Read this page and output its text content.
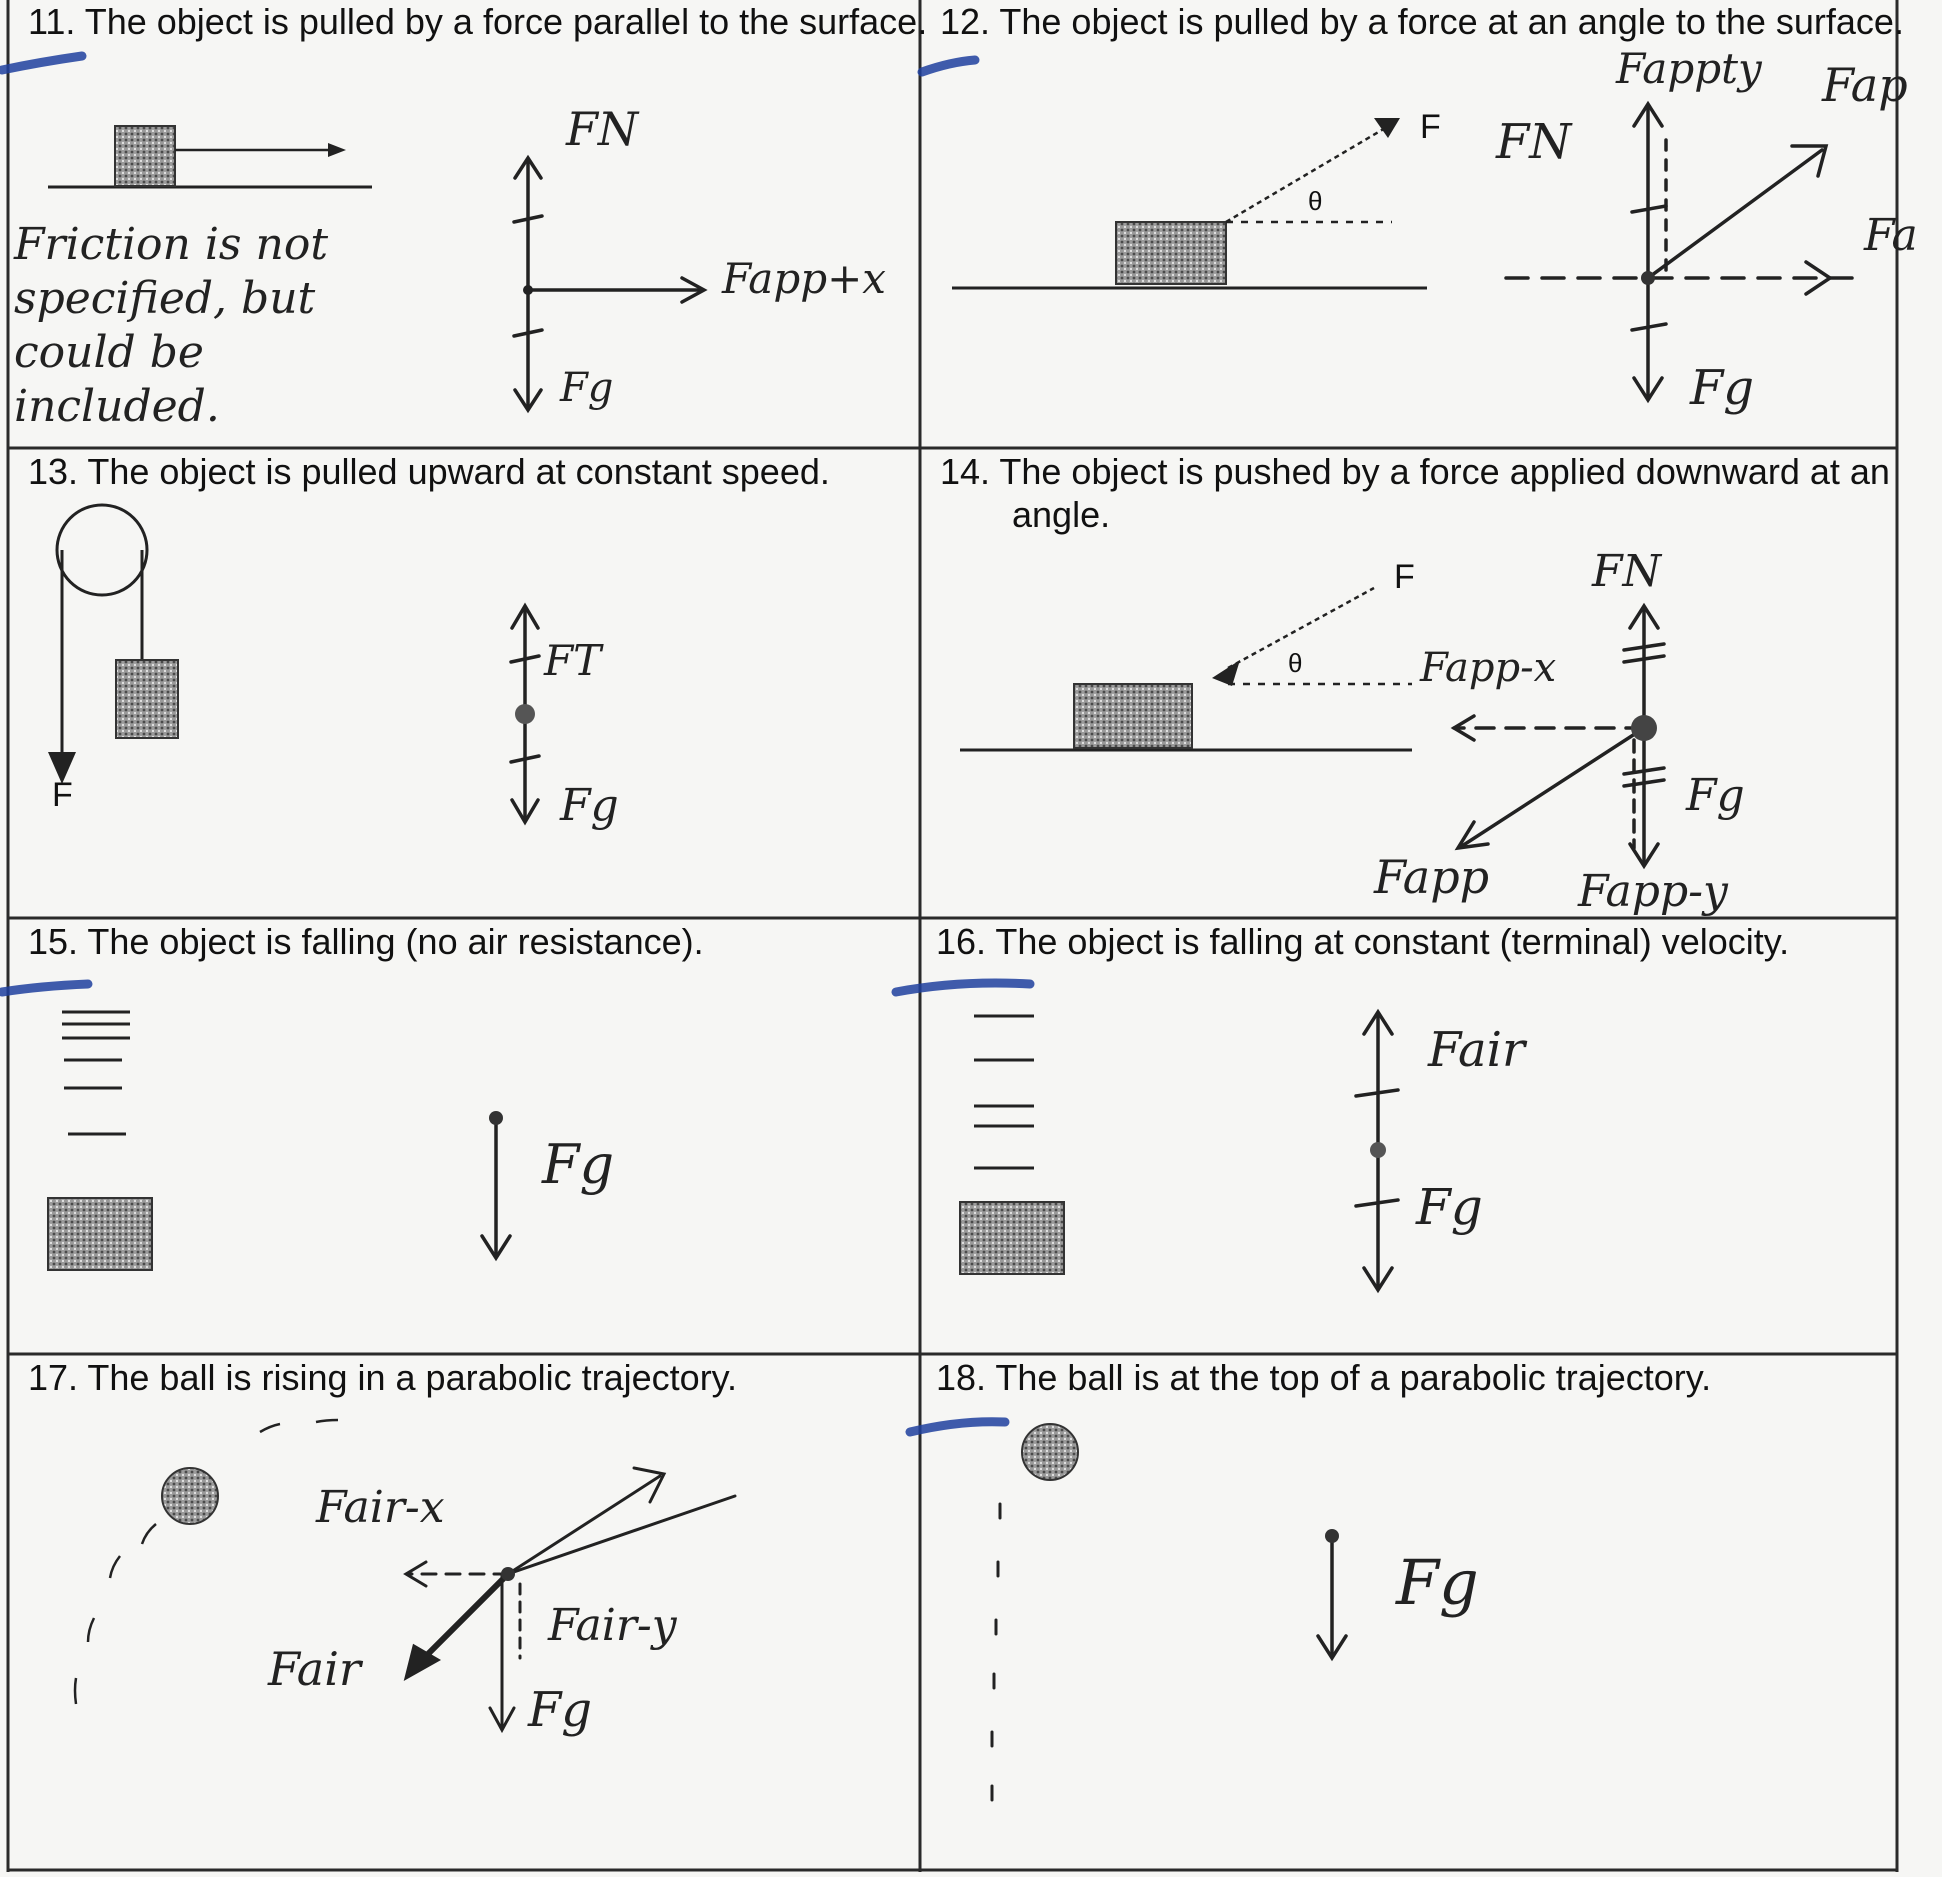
11. The object is pulled by a force parallel to the surface.

FN

Fapp+x

Fg

Friction is not specified, but could be included.

12. The object is pulled by a force at an angle to the surface.

F

θ

FN

Fappty Fap

Fa

Fg

13. The object is pulled upward at constant speed.

F

FT

Fg

14. The object is pushed by a force applied downward at an angle.

F

θ

FN

Fapp-x

Fapp

Fg

Fapp-y

15. The object is falling (no air resistance).

Fg

16. The object is falling at constant (terminal) velocity.

Fair

Fg

17. The ball is rising in a parabolic trajectory.

Fair-x

Fair-y

Fair

Fg

18. The ball is at the top of a parabolic trajectory.

Fg
